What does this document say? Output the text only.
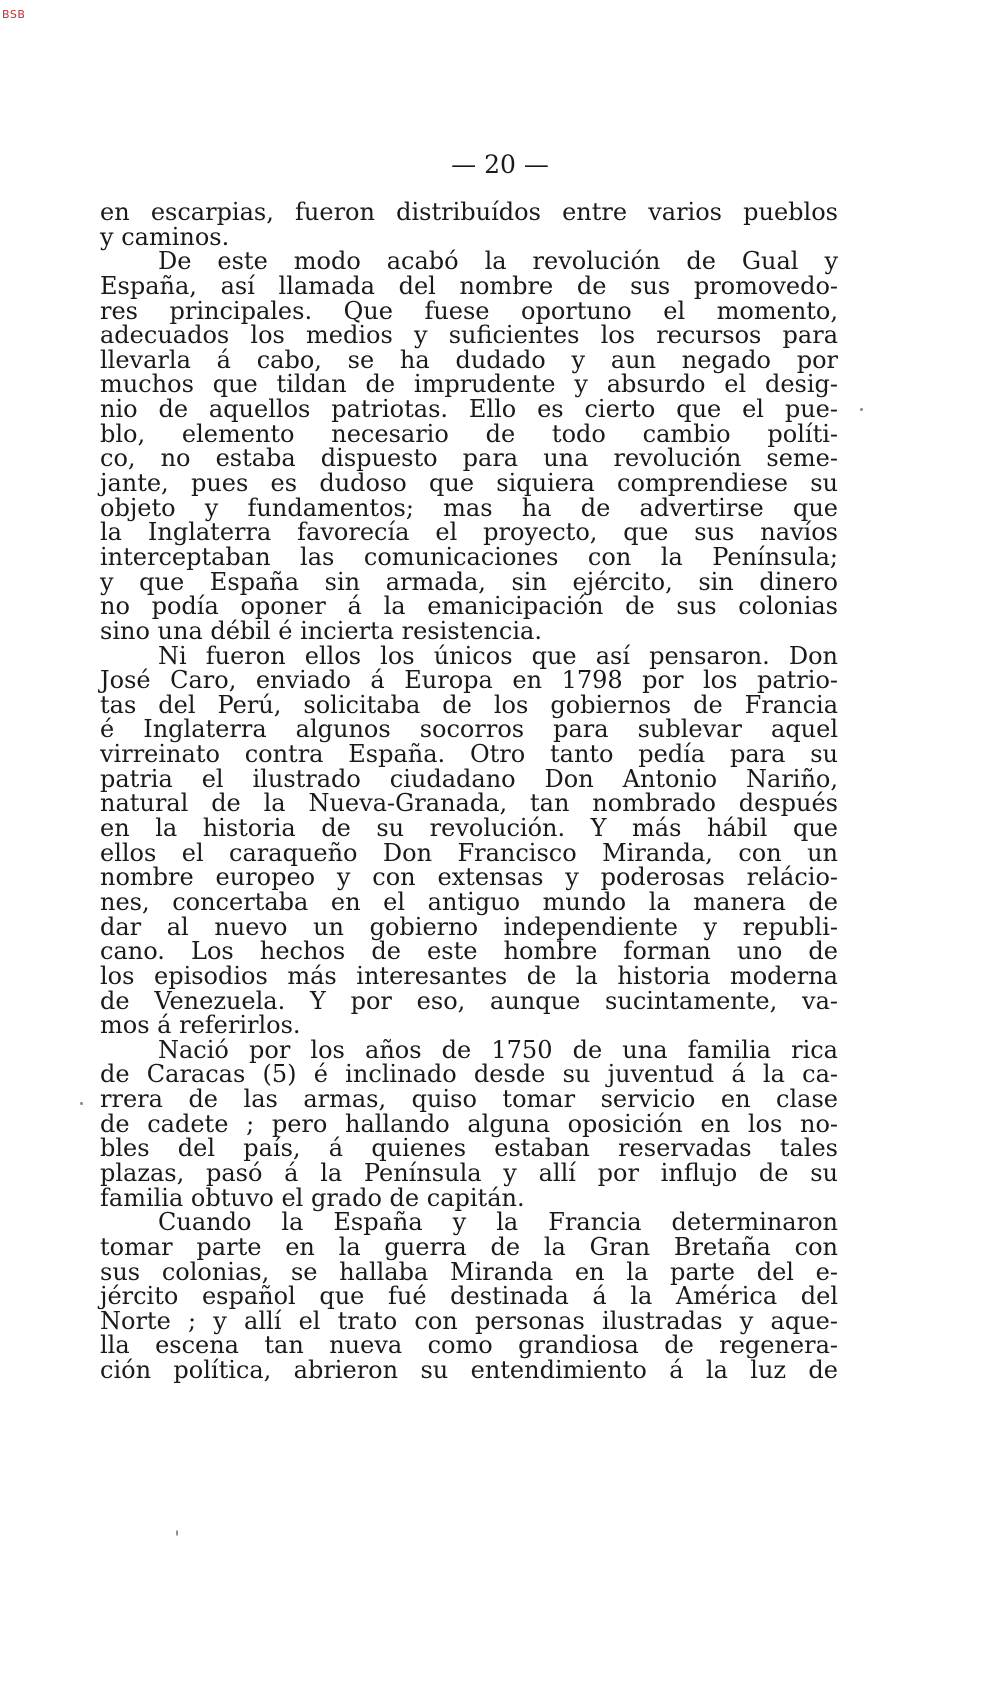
BSB
— 20 —
en escarpias, fueron distribuídos entre varios pueblos
y caminos.
De este modo acabó la revolución de Gual y
España, así llamada del nombre de sus promovedo-
res principales. Que fuese oportuno el momento,
adecuados los medios y suficientes los recursos para
llevarla á cabo, se ha dudado y aun negado por
muchos que tildan de imprudente y absurdo el desig-
nio de aquellos patriotas. Ello es cierto que el pue-
blo, elemento necesario de todo cambio políti-
co, no estaba dispuesto para una revolución seme-
jante, pues es dudoso que siquiera comprendiese su
objeto y fundamentos; mas ha de advertirse que
la Inglaterra favorecía el proyecto, que sus navíos
interceptaban las comunicaciones con la Península;
y que España sin armada, sin ejército, sin dinero
no podía oponer á la emanicipación de sus colonias
sino una débil é incierta resistencia.
Ni fueron ellos los únicos que así pensaron. Don
José Caro, enviado á Europa en 1798 por los patrio-
tas del Perú, solicitaba de los gobiernos de Francia
é Inglaterra algunos socorros para sublevar aquel
virreinato contra España. Otro tanto pedía para su
patria el ilustrado ciudadano Don Antonio Nariño,
natural de la Nueva-Granada, tan nombrado después
en la historia de su revolución. Y más hábil que
ellos el caraqueño Don Francisco Miranda, con un
nombre europeo y con extensas y poderosas relácio-
nes, concertaba en el antiguo mundo la manera de
dar al nuevo un gobierno independiente y republi-
cano. Los hechos de este hombre forman uno de
los episodios más interesantes de la historia moderna
de Venezuela. Y por eso, aunque sucintamente, va-
mos á referirlos.
Nació por los años de 1750 de una familia rica
de Caracas (5) é inclinado desde su juventud á la ca-
rrera de las armas, quiso tomar servicio en clase
de cadete ; pero hallando alguna oposición en los no-
bles del país, á quienes estaban reservadas tales
plazas, pasó á la Península y allí por influjo de su
familia obtuvo el grado de capitán.
Cuando la España y la Francia determinaron
tomar parte en la guerra de la Gran Bretaña con
sus colonias, se hallaba Miranda en la parte del e-
jército español que fué destinada á la América del
Norte ; y allí el trato con personas ilustradas y aque-
lla escena tan nueva como grandiosa de regenera-
ción política, abrieron su entendimiento á la luz de
